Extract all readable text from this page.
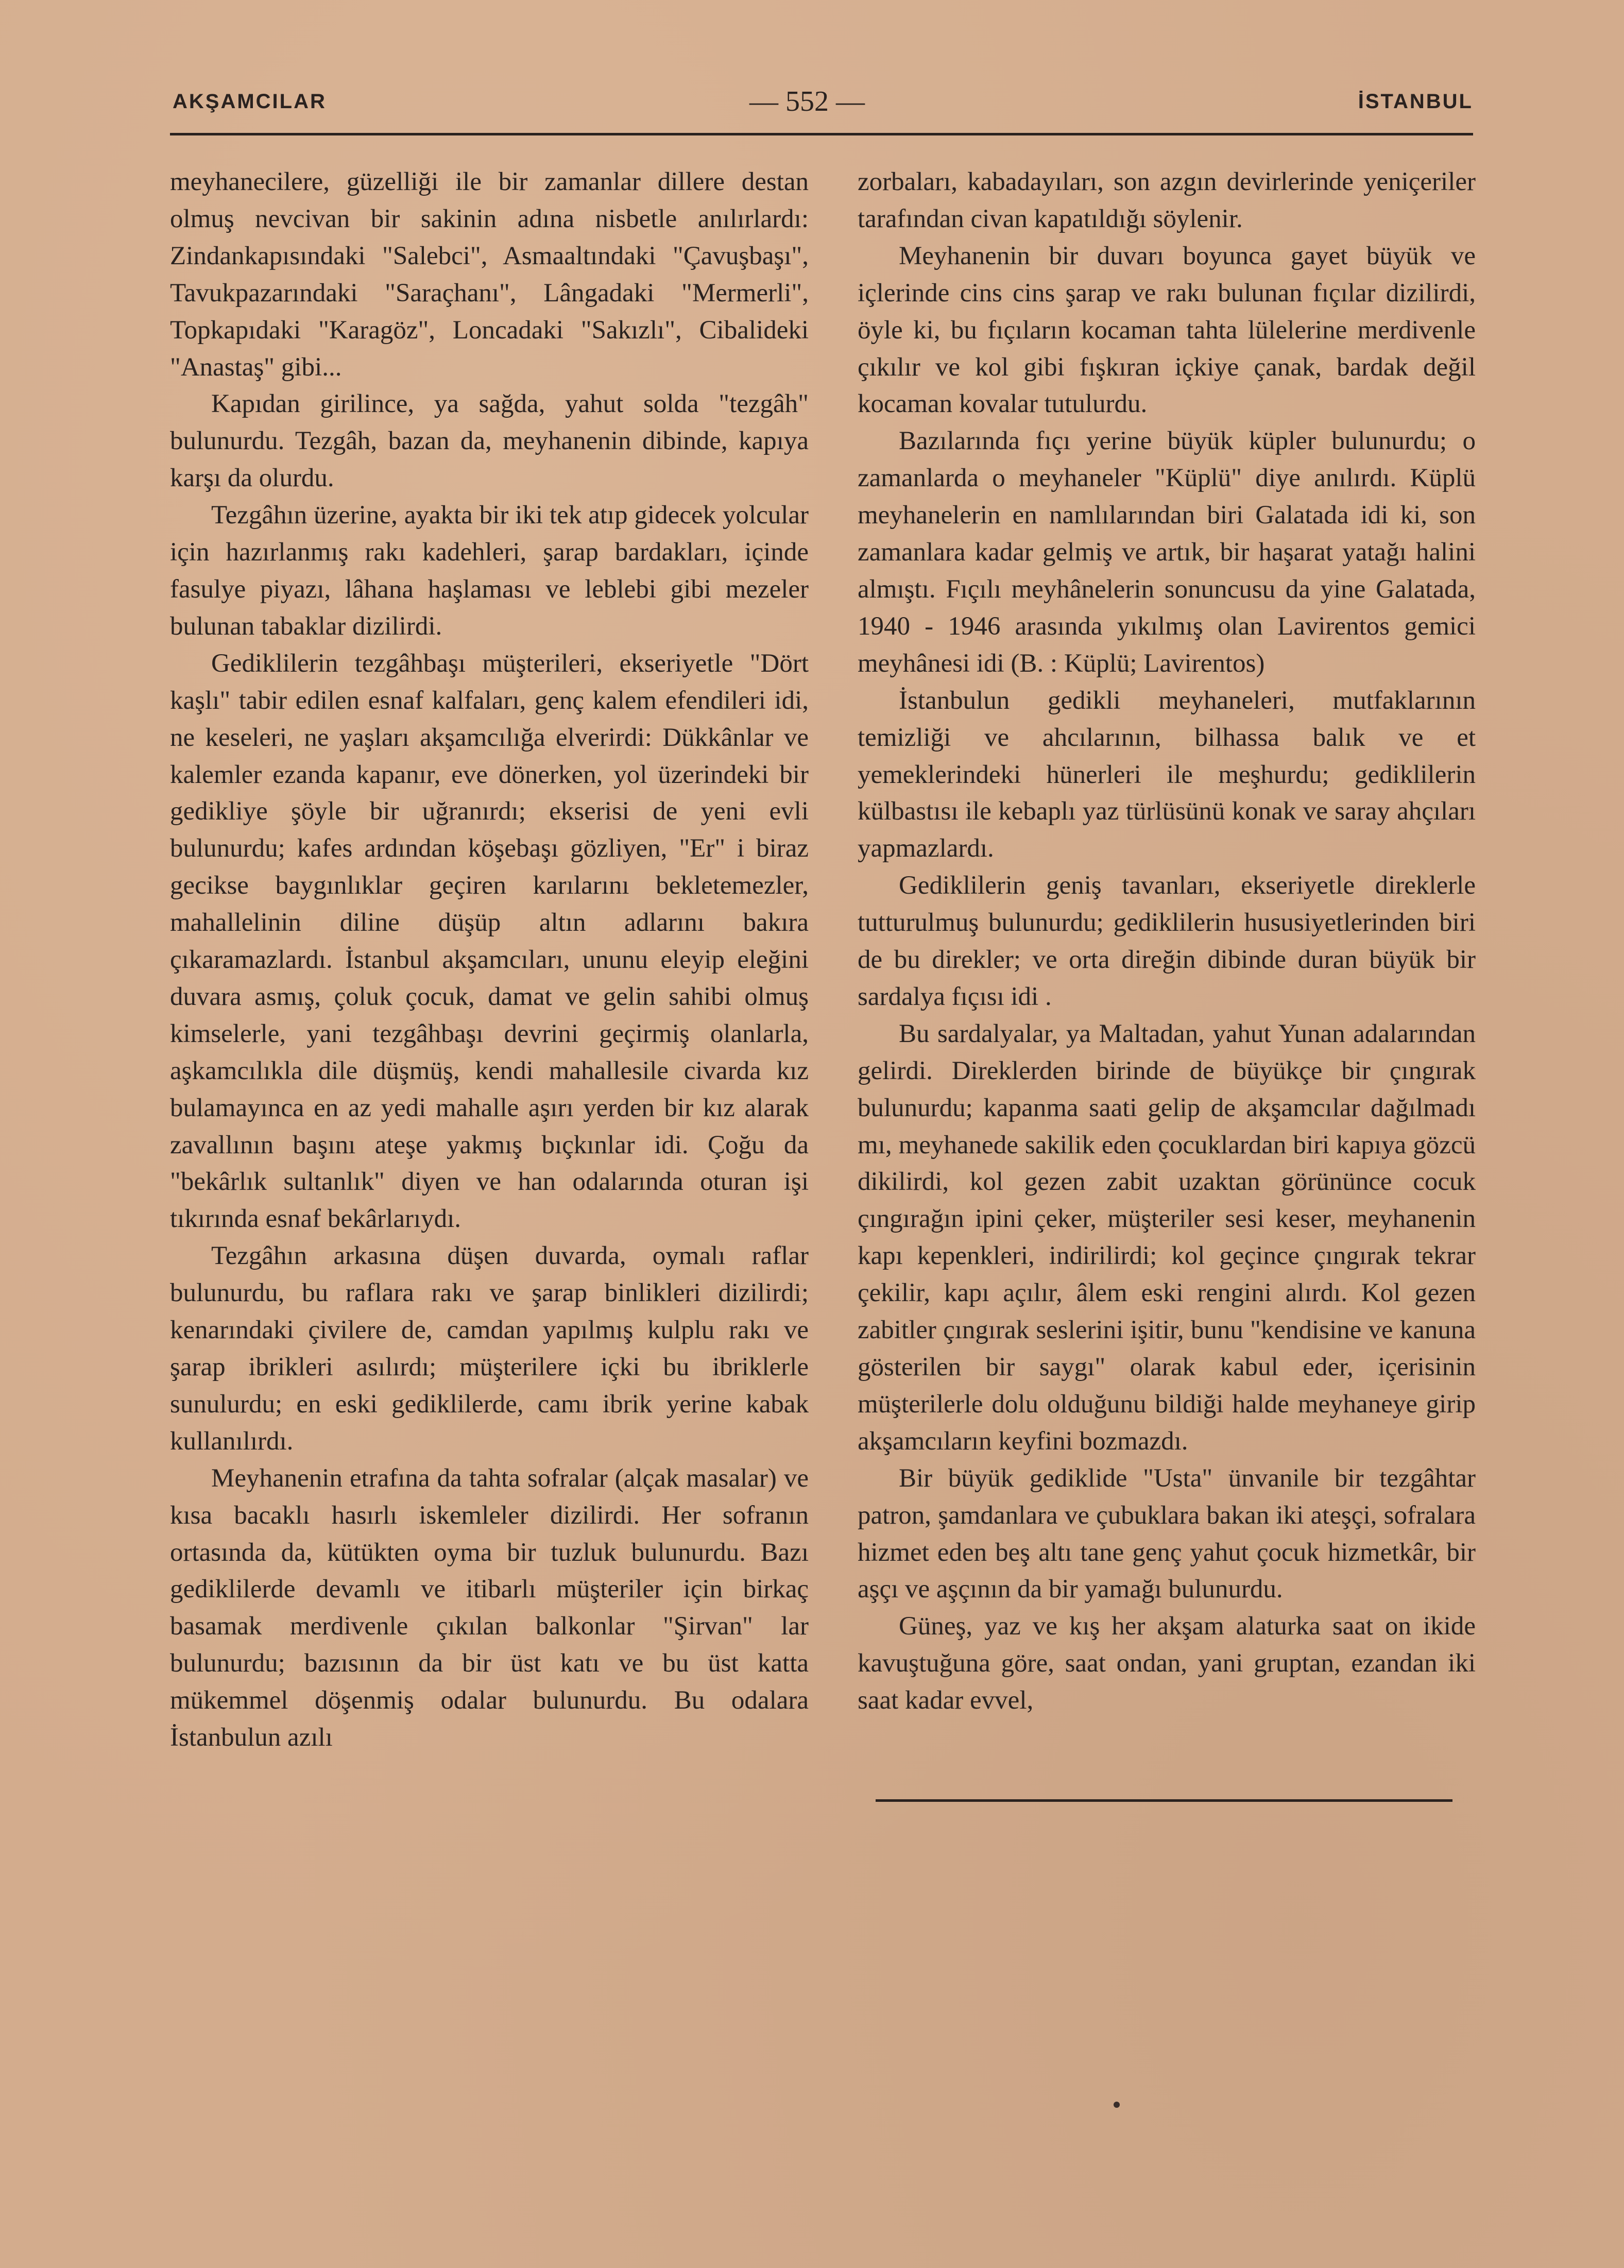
AKŞAMCILAR	— 552 —	İSTANBUL

meyhanecilere, güzelliği ile bir zamanlar dillere destan olmuş nevcivan bir sakinin adına nisbetle anılırlardı: Zindankapısındaki "Salebci", Asmaaltındaki "Çavuşbaşı", Tavukpazarındaki "Saraçhanı", Lângadaki "Mermerli", Topkapıdaki "Karagöz", Loncadaki "Sakızlı", Cibalideki "Anastaş" gibi...

Kapıdan girilince, ya sağda, yahut solda "tezgâh" bulunurdu. Tezgâh, bazan da, meyhanenin dibinde, kapıya karşı da olurdu.

Tezgâhın üzerine, ayakta bir iki tek atıp gidecek yolcular için hazırlanmış rakı kadehleri, şarap bardakları, içinde fasulye piyazı, lâhana haşlaması ve leblebi gibi mezeler bulunan tabaklar dizilirdi.

Gediklilerin tezgâhbaşı müşterileri, ekseriyetle "Dört kaşlı" tabir edilen esnaf kalfaları, genç kalem efendileri idi, ne keseleri, ne yaşları akşamcılığa elverirdi: Dükkânlar ve kalemler ezanda kapanır, eve dönerken, yol üzerindeki bir gedikliye şöyle bir uğranırdı; ekserisi de yeni evli bulunurdu; kafes ardından köşebaşı gözliyen, "Er" i biraz gecikse baygınlıklar geçiren karılarını bekletemezler, mahallelinin diline düşüp altın adlarını bakıra çıkaramazlardı. İstanbul akşamcıları, ununu eleyip eleğini duvara asmış, çoluk çocuk, damat ve gelin sahibi olmuş kimselerle, yani tezgâhbaşı devrini geçirmiş olanlarla, aşkamcılıkla dile düşmüş, kendi mahallesile civarda kız bulamayınca en az yedi mahalle aşırı yerden bir kız alarak zavallının başını ateşe yakmış bıçkınlar idi. Çoğu da "bekârlık sultanlık" diyen ve han odalarında oturan işi tıkırında esnaf bekârlarıydı.

Tezgâhın arkasına düşen duvarda, oymalı raflar bulunurdu, bu raflara rakı ve şarap binlikleri dizilirdi; kenarındaki çivilere de, camdan yapılmış kulplu rakı ve şarap ibrikleri asılırdı; müşterilere içki bu ibriklerle sunulurdu; en eski gediklilerde, camı ibrik yerine kabak kullanılırdı.

Meyhanenin etrafına da tahta sofralar (alçak masalar) ve kısa bacaklı hasırlı iskemleler dizilirdi. Her sofranın ortasında da, kütükten oyma bir tuzluk bulunurdu. Bazı gediklilerde devamlı ve itibarlı müşteriler için birkaç basamak merdivenle çıkılan balkonlar "Şirvan" lar bulunurdu; bazısının da bir üst katı ve bu üst katta mükemmel döşenmiş odalar bulunurdu. Bu odalara İstanbulun azılı

zorbaları, kabadayıları, son azgın devirlerinde yeniçeriler tarafından civan kapatıldığı söylenir.

Meyhanenin bir duvarı boyunca gayet büyük ve içlerinde cins cins şarap ve rakı bulunan fıçılar dizilirdi, öyle ki, bu fıçıların kocaman tahta lülelerine merdivenle çıkılır ve kol gibi fışkıran içkiye çanak, bardak değil kocaman kovalar tutulurdu.

Bazılarında fıçı yerine büyük küpler bulunurdu; o zamanlarda o meyhaneler "Küplü" diye anılırdı. Küplü meyhanelerin en namlılarından biri Galatada idi ki, son zamanlara kadar gelmiş ve artık, bir haşarat yatağı halini almıştı. Fıçılı meyhânelerin sonuncusu da yine Galatada, 1940 - 1946 arasında yıkılmış olan Lavirentos gemici meyhânesi idi (B. : Küplü; Lavirentos)

İstanbulun gedikli meyhaneleri, mutfaklarının temizliği ve ahcılarının, bilhassa balık ve et yemeklerindeki hünerleri ile meşhurdu; gediklilerin külbastısı ile kebaplı yaz türlüsünü konak ve saray ahçıları yapmazlardı.

Gediklilerin geniş tavanları, ekseriyetle direklerle tutturulmuş bulunurdu; gediklilerin hususiyetlerinden biri de bu direkler; ve orta direğin dibinde duran büyük bir sardalya fıçısı idi .

Bu sardalyalar, ya Maltadan, yahut Yunan adalarından gelirdi. Direklerden birinde de büyükçe bir çıngırak bulunurdu; kapanma saati gelip de akşamcılar dağılmadı mı, meyhanede sakilik eden çocuklardan biri kapıya gözcü dikilirdi, kol gezen zabit uzaktan görününce cocuk çıngırağın ipini çeker, müşteriler sesi keser, meyhanenin kapı kepenkleri, indirilirdi; kol geçince çıngırak tekrar çekilir, kapı açılır, âlem eski rengini alırdı. Kol gezen zabitler çıngırak seslerini işitir, bunu "kendisine ve kanuna gösterilen bir saygı" olarak kabul eder, içerisinin müşterilerle dolu olduğunu bildiği halde meyhaneye girip akşamcıların keyfini bozmazdı.

Bir büyük gediklide "Usta" ünvanile bir tezgâhtar patron, şamdanlara ve çubuklara bakan iki ateşçi, sofralara hizmet eden beş altı tane genç yahut çocuk hizmetkâr, bir aşçı ve aşçının da bir yamağı bulunurdu.

Güneş, yaz ve kış her akşam alaturka saat on ikide kavuştuğuna göre, saat ondan, yani gruptan, ezandan iki saat kadar evvel,
